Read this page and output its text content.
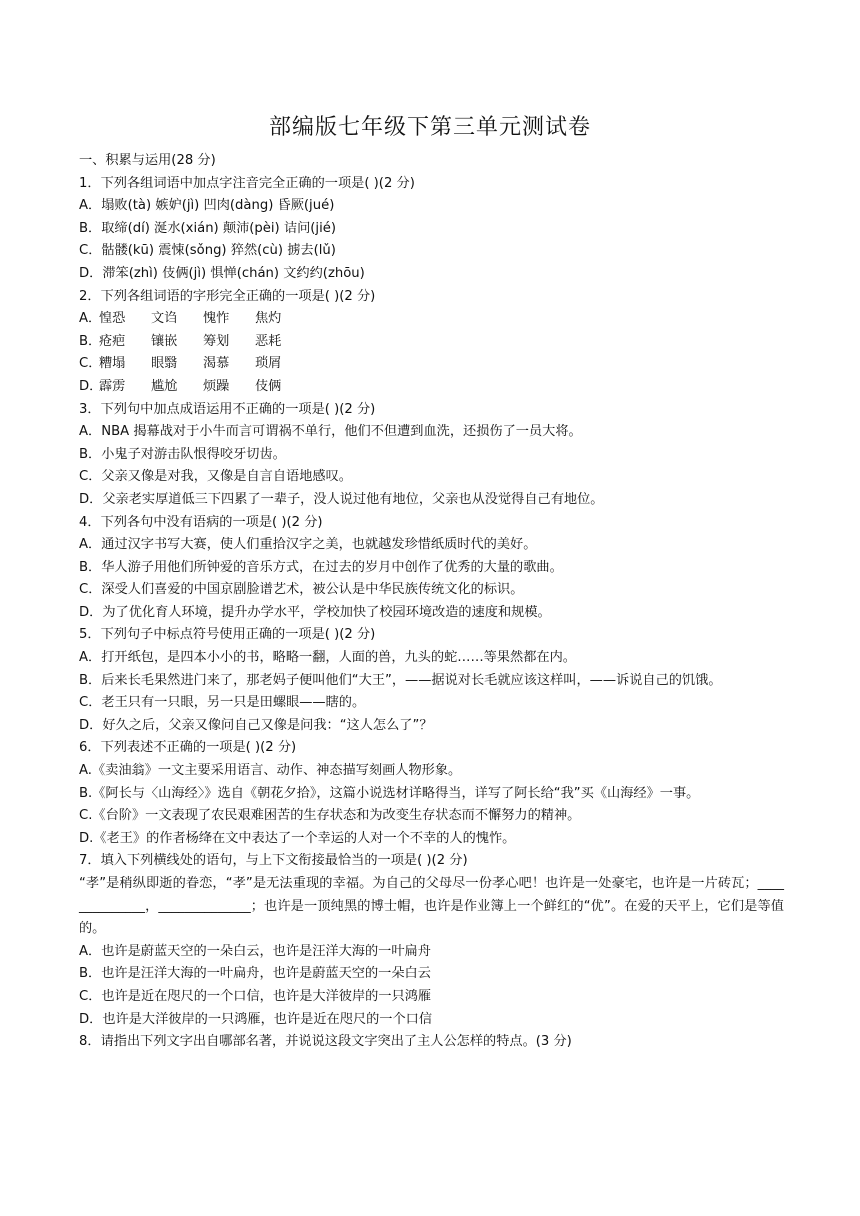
部编版七年级下第三单元测试卷
一、积累与运用(28 分)
1．下列各组词语中加点字注音完全正确的一项是( )(2 分)
A．塌败(tà) 嫉妒(jì) 凹肉(dàng) 昏厥(jué)
B．取缔(dí) 涎水(xián) 颠沛(pèi) 诘问(jié)
C．骷髅(kū) 震悚(sǒng) 猝然(cù) 掳去(lǔ)
D．滞笨(zhì) 伎俩(jì) 惧惮(chán) 文约约(zhōu)
2．下列各组词语的字形完全正确的一项是( )(2 分)
A．惶恐 文诌 愧怍 焦灼
B．疮疤 镶嵌 筹划 恶耗
C．糟塌 眼翳 渴慕 琐屑
D．霹雳 尴尬 烦躁 伎俩
3．下列句中加点成语运用不正确的一项是( )(2 分)
A．NBA 揭幕战对于小牛而言可谓祸不单行，他们不但遭到血洗，还损伤了一员大将。
B．小鬼子对游击队恨得咬牙切齿。
C．父亲又像是对我，又像是自言自语地感叹。
D．父亲老实厚道低三下四累了一辈子，没人说过他有地位，父亲也从没觉得自己有地位。
4．下列各句中没有语病的一项是( )(2 分)
A．通过汉字书写大赛，使人们重拾汉字之美，也就越发珍惜纸质时代的美好。
B．华人游子用他们所钟爱的音乐方式，在过去的岁月中创作了优秀的大量的歌曲。
C．深受人们喜爱的中国京剧脸谱艺术，被公认是中华民族传统文化的标识。
D．为了优化育人环境，提升办学水平，学校加快了校园环境改造的速度和规模。
5．下列句子中标点符号使用正确的一项是( )(2 分)
A．打开纸包，是四本小小的书，略略一翻，人面的兽，九头的蛇……等果然都在内。
B．后来长毛果然进门来了，那老妈子便叫他们“大王”，——据说对长毛就应该这样叫，——诉说自己的饥饿。
C．老王只有一只眼，另一只是田螺眼——瞎的。
D．好久之后，父亲又像问自己又像是问我：“这人怎么了”？
6．下列表述不正确的一项是( )(2 分)
A.《卖油翁》一文主要采用语言、动作、神态描写刻画人物形象。
B.《阿长与〈山海经〉》选自《朝花夕拾》，这篇小说选材详略得当，详写了阿长给“我”买《山海经》一事。
C.《台阶》一文表现了农民艰难困苦的生存状态和为改变生存状态而不懈努力的精神。
D.《老王》的作者杨绛在文中表达了一个幸运的人对一个不幸的人的愧怍。
7．填入下列横线处的语句，与上下文衔接最恰当的一项是( )(2 分)
“孝”是稍纵即逝的眷恋，“孝”是无法重现的幸福。为自己的父母尽一份孝心吧！也许是一处豪宅，也许是一片砖瓦；______________，______________；也许是一顶纯黑的博士帽，也许是作业簿上一个鲜红的“优”。在爱的天平上，它们是等值的。
A．也许是蔚蓝天空的一朵白云，也许是汪洋大海的一叶扁舟
B．也许是汪洋大海的一叶扁舟，也许是蔚蓝天空的一朵白云
C．也许是近在咫尺的一个口信，也许是大洋彼岸的一只鸿雁
D．也许是大洋彼岸的一只鸿雁，也许是近在咫尺的一个口信
8．请指出下列文字出自哪部名著，并说说这段文字突出了主人公怎样的特点。(3 分)
